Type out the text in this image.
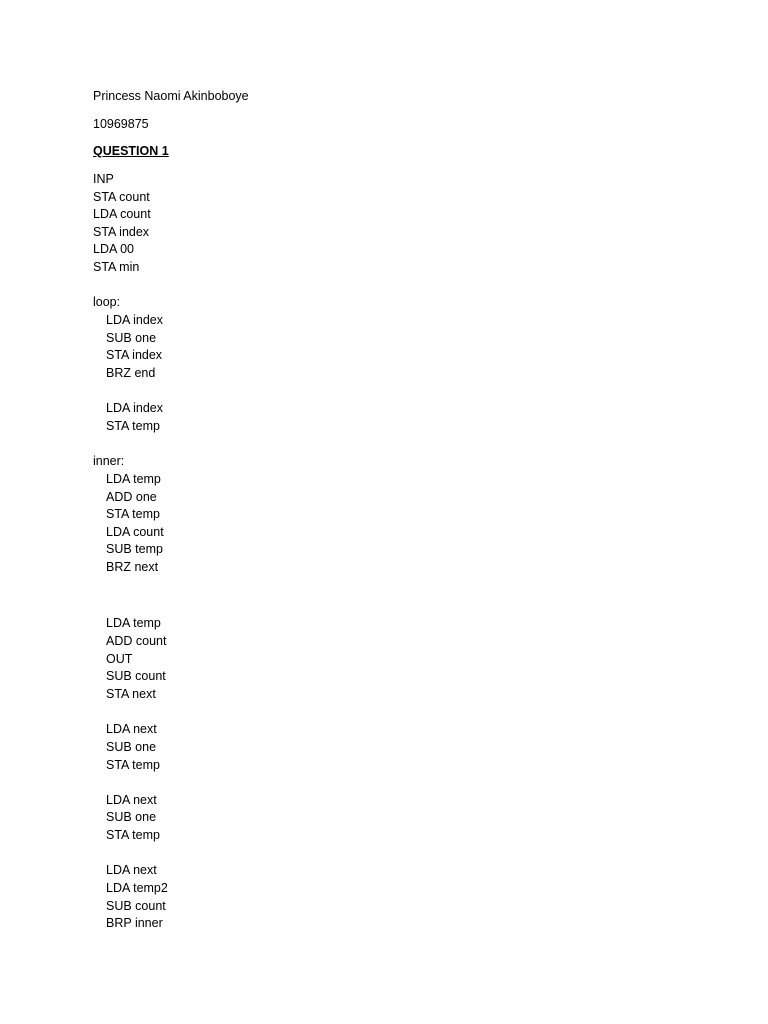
Princess Naomi Akinboboye
10969875
QUESTION 1
INP
STA count
LDA count
STA index
LDA 00
STA min
loop:
LDA index
SUB one
STA index
BRZ end
LDA index
STA temp
inner:
LDA temp
ADD one
STA temp
LDA count
SUB temp
BRZ next
LDA temp
ADD count
OUT
SUB count
STA next
LDA next
SUB one
STA temp
LDA next
SUB one
STA temp
LDA next
LDA temp2
SUB count
BRP inner
